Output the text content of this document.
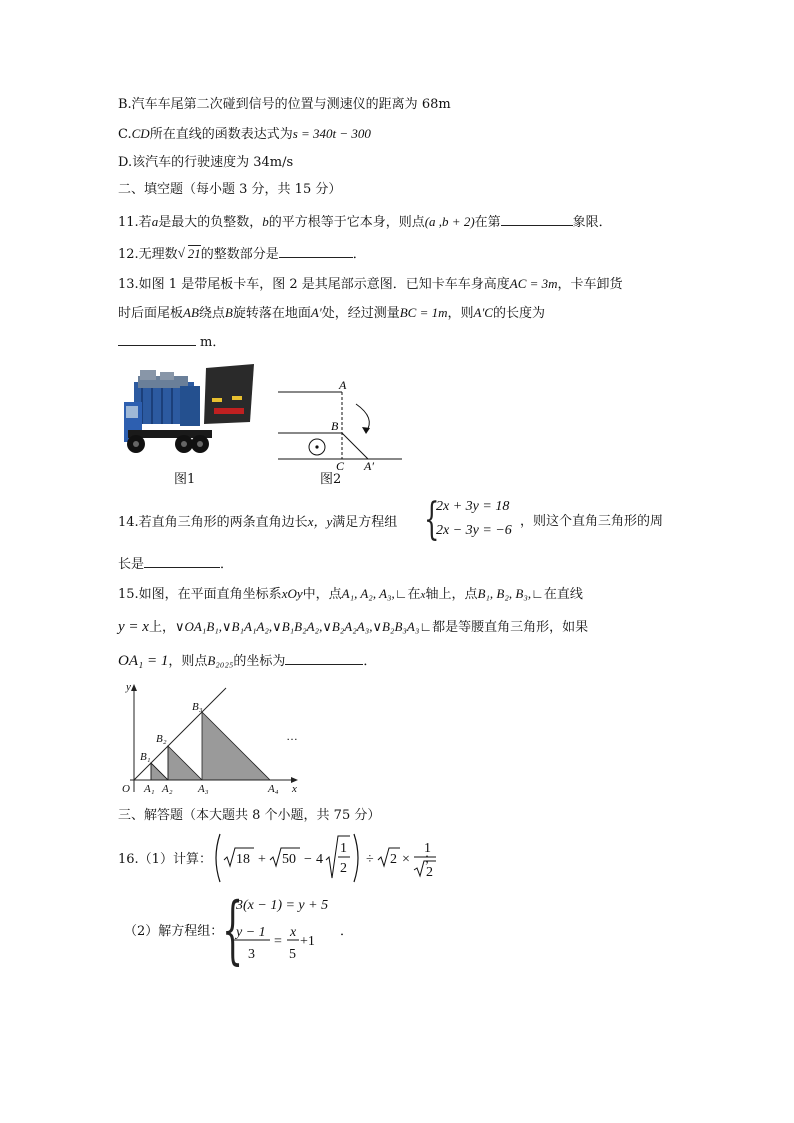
B.汽车车尾第二次碰到信号的位置与测速仪的距离为 68m
C.CD所在直线的函数表达式为s = 340t − 300
D.该汽车的行驶速度为 34m/s
二、填空题（每小题 3 分，共 15 分）
11.若a是最大的负整数，b的平方根等于它本身，则点(a ,b + 2)在第	象限．
12.无理数 √ 21的整数部分是	．
13.如图 1 是带尾板卡车，图 2 是其尾部示意图．已知卡车车身高度AC = 3m，卡车卸货
时后面尾板AB绕点B旋转落在地面A′处，经过测量BC = 1m，则A′C的长度为
m．
图1
A
B
C A′
图2
14.若直角三角形的两条直角边长x，y满足方程组 {
2x + 3y = 18
2x − 3y = −6
，则这个直角三角形的周
长是	．
15.如图，在平面直角坐标系xOy中，点A₁, A₂, A₃,∟在x轴上，点B₁, B₂, B₃,∟在直线
y = x上，∨OA₁B₁,∨B₁A₁A₂,∨B₁B₂A₂,∨B₂A₂A₃,∨B₂B₃A₃∟都是等腰直角三角形，如果
OA₁ = 1，则点B₂₀₂₅的坐标为	．
y
x
O A₁ A₂ A₃	A₄
B₁
B₂
B₃
…
三、解答题（本大题共 8 个小题，共 75 分）
16.（1）计算： 18 + 50 − 4
1
2
÷ 2 ×
1
2
；
（2）解方程组：
{
3(x − 1) = y + 5
y − 1
3
=
x
5
+1
．
